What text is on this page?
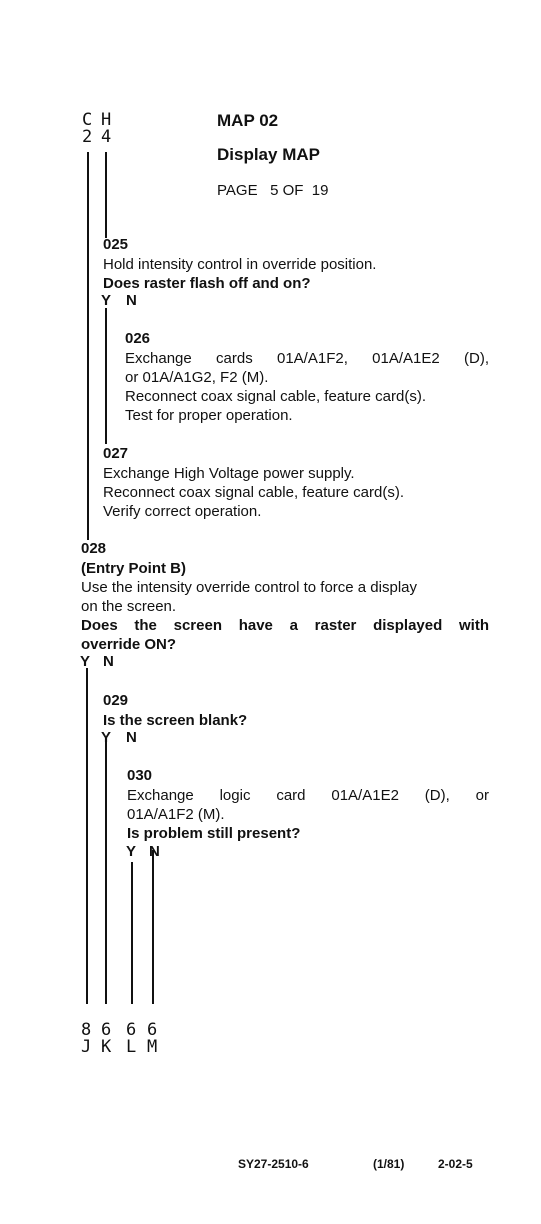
C
2
H
4
MAP 02
Display MAP
PAGE   5 OF  19
025
Hold intensity control in override position.
Does raster flash off and on?
Y N
026
Exchange cards 01A/A1F2, 01A/A1E2 (D),
or 01A/A1G2, F2 (M).
Reconnect coax signal cable, feature card(s).
Test for proper operation.
027
Exchange High Voltage power supply.
Reconnect coax signal cable, feature card(s).
Verify correct operation.
028
(Entry Point B)
Use the intensity override control to force a display
on the screen.
Does the screen have a raster displayed with
override ON?
Y N
029
Is the screen blank?
Y N
030
Exchange logic card 01A/A1E2 (D), or
01A/A1F2 (M).
Is problem still present?
Y N
8
J
6
K
6
L
6
M
SY27-2510-6	(1/81)	2-02-5
